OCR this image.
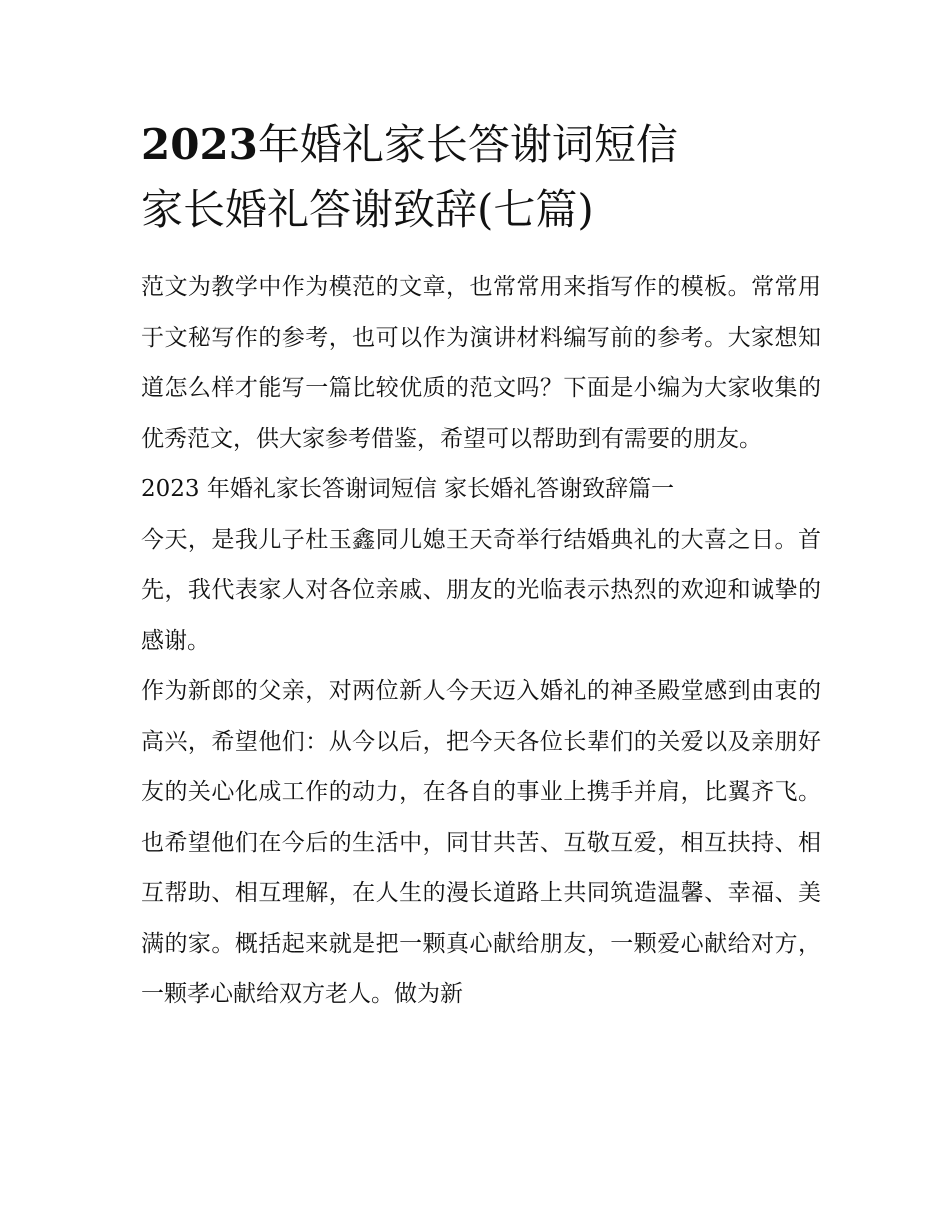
2023年婚礼家长答谢词短信
家长婚礼答谢致辞(七篇)

范文为教学中作为模范的文章，也常常用来指写作的模板。常常用于文秘写作的参考，也可以作为演讲材料编写前的参考。大家想知道怎么样才能写一篇比较优质的范文吗？下面是小编为大家收集的优秀范文，供大家参考借鉴，希望可以帮助到有需要的朋友。

2023 年婚礼家长答谢词短信 家长婚礼答谢致辞篇一

今天，是我儿子杜玉鑫同儿媳王天奇举行结婚典礼的大喜之日。首先，我代表家人对各位亲戚、朋友的光临表示热烈的欢迎和诚挚的感谢。

作为新郎的父亲，对两位新人今天迈入婚礼的神圣殿堂感到由衷的高兴，希望他们：从今以后，把今天各位长辈们的关爱以及亲朋好友的关心化成工作的动力，在各自的事业上携手并肩，比翼齐飞。也希望他们在今后的生活中，同甘共苦、互敬互爱，相互扶持、相互帮助、相互理解，在人生的漫长道路上共同筑造温馨、幸福、美满的家。概括起来就是把一颗真心献给朋友，一颗爱心献给对方，一颗孝心献给双方老人。做为新
